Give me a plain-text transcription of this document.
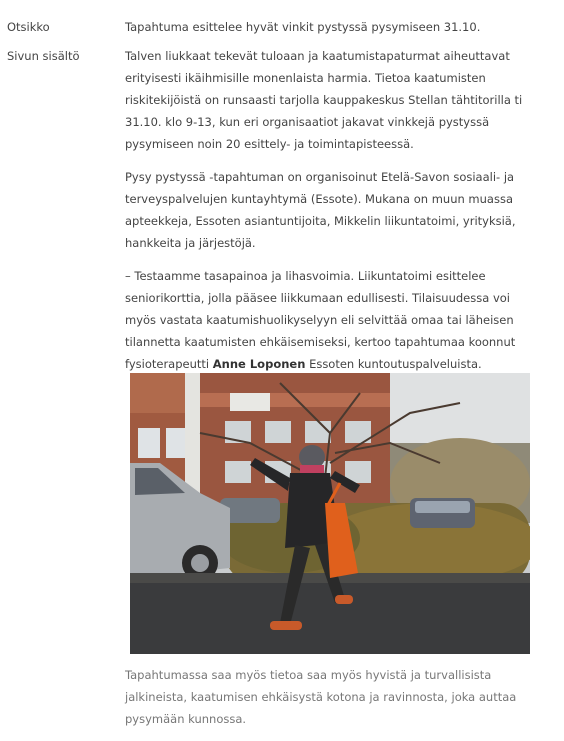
Otsikko	Tapahtuma esittelee hyvät vinkit pystyssä pysymiseen 31.10.
Sivun sisältö	Talven liukkaat tekevät tuloaan ja kaatumistapaturmat aiheuttavat erityisesti ikäihmisille monenlaista harmia. Tietoa kaatumisten riskitekijöistä on runsaasti tarjolla kauppakeskus Stellan tähtitorilla ti 31.10. klo 9-13, kun eri organisaatiot jakavat vinkkejä pystyssä pysymiseen noin 20 esittely- ja toimintapisteessä.

Pysy pystyssä -tapahtuman on organisoinut Etelä-Savon sosiaali- ja terveyspalvelujen kuntayhtymä (Essote). Mukana on muun muassa apteekkeja, Essoten asiantuntijoita, Mikkelin liikuntatoimi, yrityksiä, hankkeita ja järjestöjä.

– Testaamme tasapainoa ja lihasvoimia. Liikuntatoimi esittelee seniorikorttia, jolla pääsee liikkumaan edullisesti. Tilaisuudessa voi myös vastata kaatumishuolikyselyyn eli selvittää omaa tai läheisen tilannetta kaatumisten ehkäisemiseksi, kertoo tapahtumaa koonnut fysioterapeutti Anne Loponen Essoten kuntoutuspalveluista.

Tapahtumassa saa myös tietoa saa myös hyvistä ja turvallisista jalkineista, kaatumisen ehkäisystä kotona ja ravinnosta, joka auttaa pysymään kunnossa.
